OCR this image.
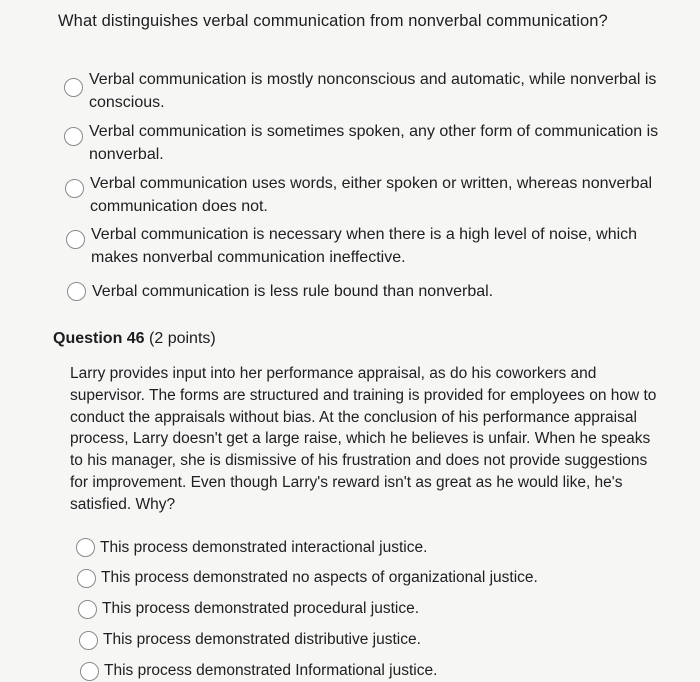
What distinguishes verbal communication from nonverbal communication?
Verbal communication is mostly nonconscious and automatic, while nonverbal is conscious.
Verbal communication is sometimes spoken, any other form of communication is nonverbal.
Verbal communication uses words, either spoken or written, whereas nonverbal communication does not.
Verbal communication is necessary when there is a high level of noise, which makes nonverbal communication ineffective.
Verbal communication is less rule bound than nonverbal.
Question 46 (2 points)
Larry provides input into her performance appraisal, as do his coworkers and supervisor. The forms are structured and training is provided for employees on how to conduct the appraisals without bias. At the conclusion of his performance appraisal process, Larry doesn't get a large raise, which he believes is unfair. When he speaks to his manager, she is dismissive of his frustration and does not provide suggestions for improvement. Even though Larry's reward isn't as great as he would like, he's satisfied. Why?
This process demonstrated interactional justice.
This process demonstrated no aspects of organizational justice.
This process demonstrated procedural justice.
This process demonstrated distributive justice.
This process demonstrated Informational justice.
